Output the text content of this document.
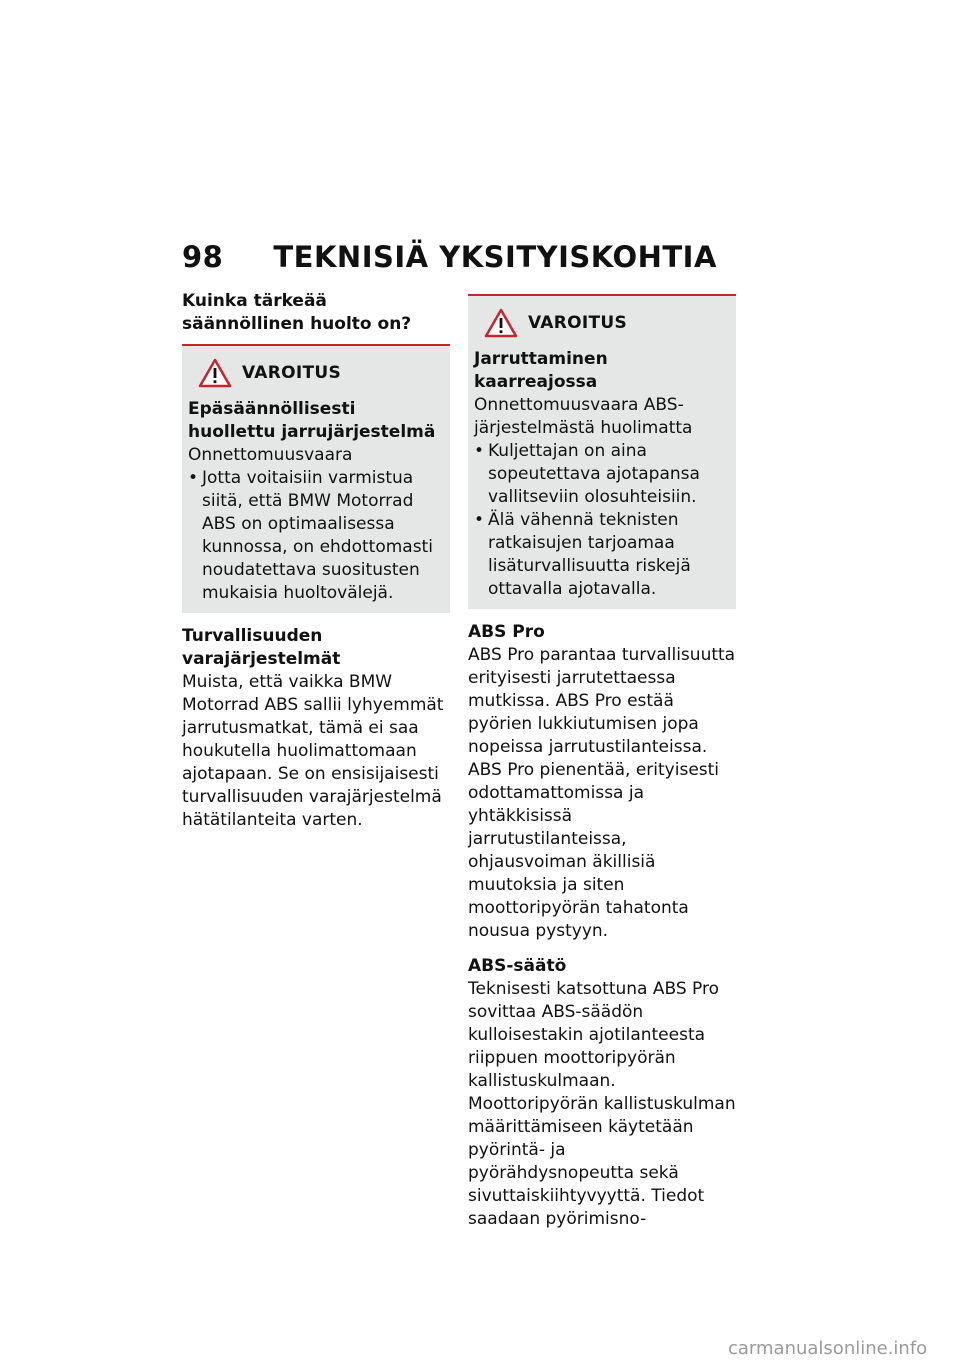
98 TEKNISIÄ YKSITYISKOHTIA

Kuinka tärkeää säännöllinen huolto on?

VAROITUS

Epäsäännöllisesti huollettu jarrujärjestelmä

Onnettomuusvaara

• Jotta voitaisiin varmistua siitä, että BMW Motorrad ABS on optimaalisessa kunnossa, on ehdottomasti noudatettava suositusten mukaisia huoltovälejä.

Turvallisuuden varajärjestelmät

Muista, että vaikka BMW Motorrad ABS sallii lyhyemmät jarrutusmatkat, tämä ei saa houkutella huolimattomaan ajotapaan. Se on ensisijaisesti turvallisuuden varajärjestelmä hätätilanteita varten.

VAROITUS

Jarruttaminen kaarreajossa

Onnettomuusvaara ABS-järjestelmästä huolimatta

• Kuljettajan on aina sopeutettava ajotapansa vallitseviin olosuhteisiin.
• Älä vähennä teknisten ratkaisujen tarjoamaa lisäturvallisuutta riskejä ottavalla ajotavalla.

ABS Pro

ABS Pro parantaa turvallisuutta erityisesti jarrutettaessa mutkissa. ABS Pro estää pyörien lukkiutumisen jopa nopeissa jarrutustilanteissa. ABS Pro pienentää, erityisesti odottamattomissa ja yhtäkkisissä jarrutustilanteissa, ohjausvoiman äkillisiä muutoksia ja siten moottoripyörän tahatonta nousua pystyyn.

ABS-säätö

Teknisesti katsottuna ABS Pro sovittaa ABS-säädön kulloisestakin ajotilanteesta riippuen moottoripyörän kallistuskulmaan. Moottoripyörän kallistuskulman määrittämiseen käytetään pyörintä- ja pyörähdysnopeutta sekä sivuttaiskiihtyvyyttä. Tiedot saadaan pyörimisno-

carmanualsonline.info
